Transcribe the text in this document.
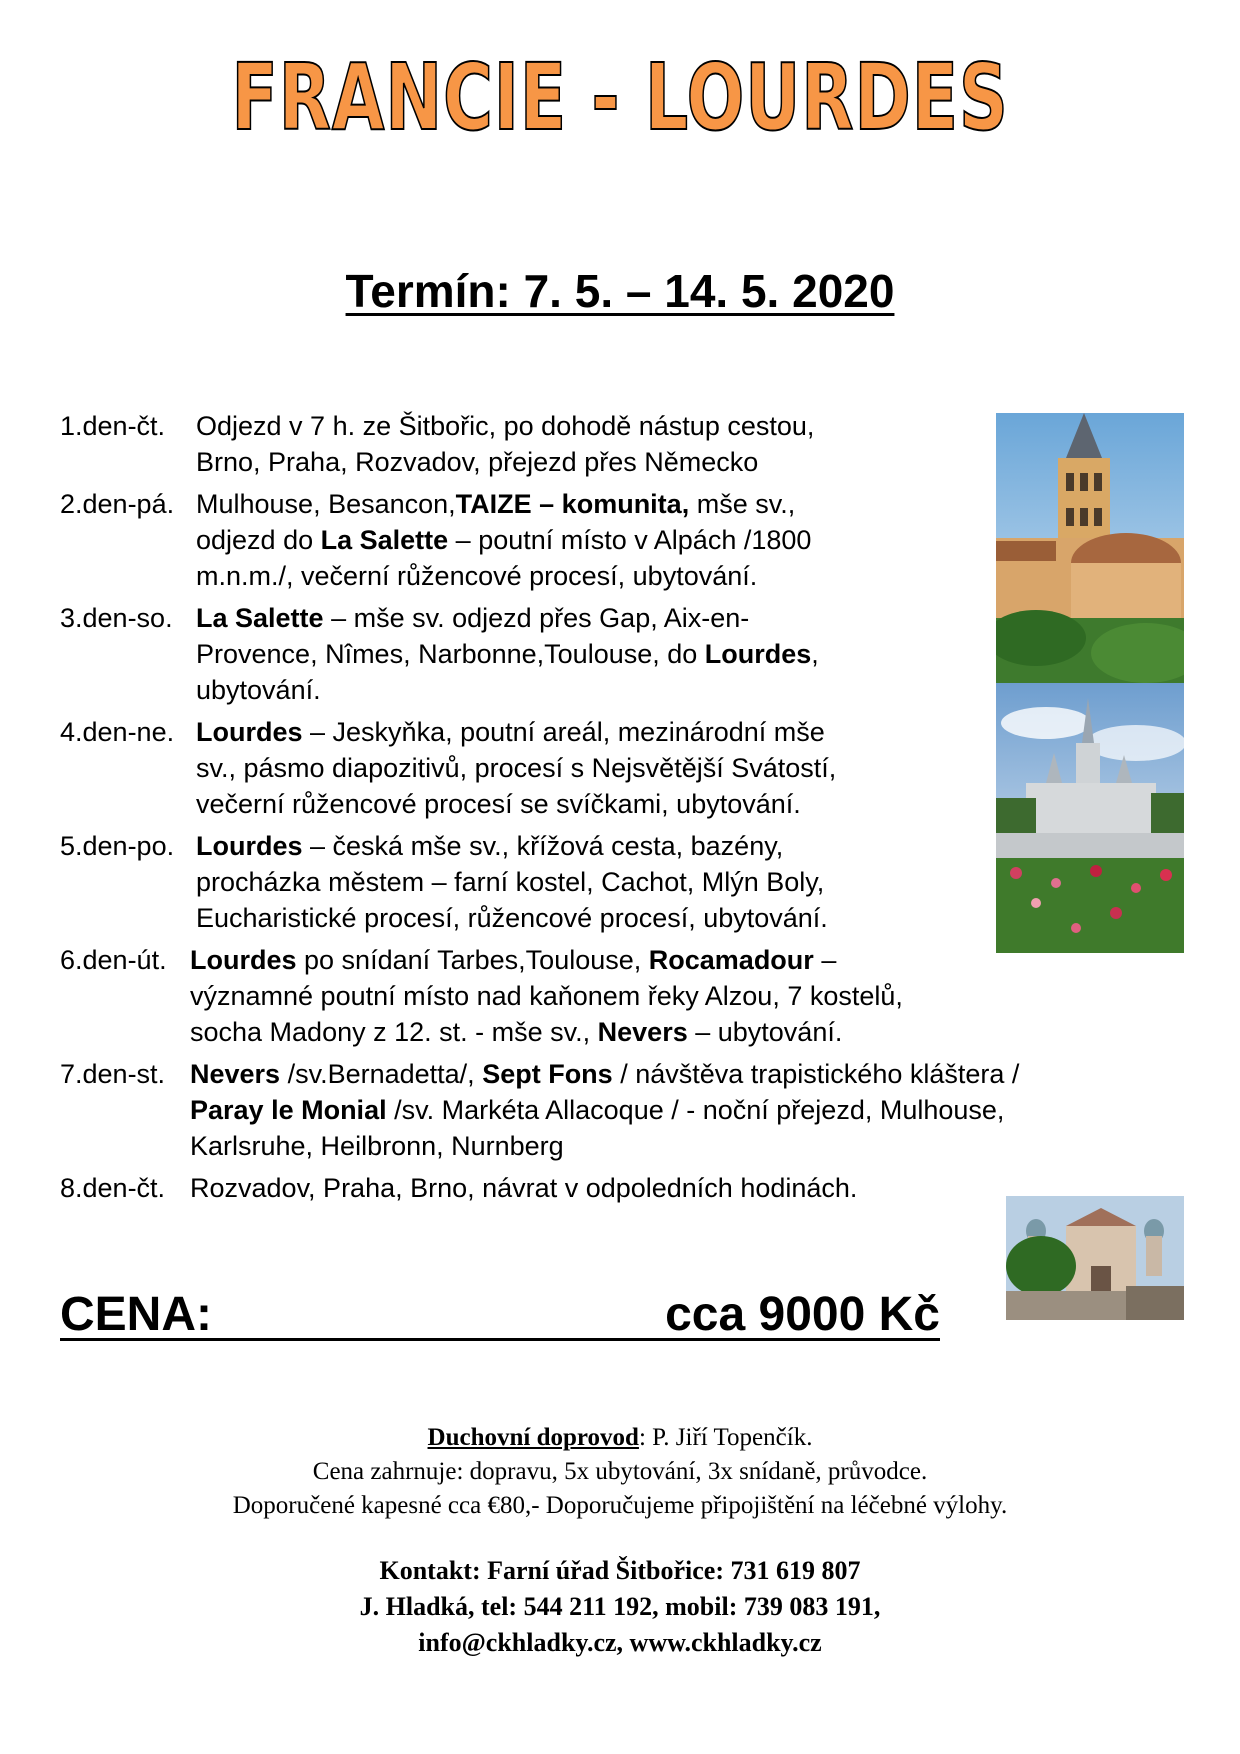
FRANCIE - LOURDES
Termín: 7. 5. – 14. 5. 2020
1.den-čt. Odjezd v 7 h. ze Šitbořic, po dohodě nástup cestou,
Brno, Praha, Rozvadov, přejezd přes Německo
2.den-pá. Mulhouse, Besancon,TAIZE – komunita, mše sv.,
odjezd do La Salette – poutní místo v Alpách /1800
m.n.m./, večerní růžencové procesí, ubytování.
3.den-so. La Salette – mše sv. odjezd přes Gap, Aix-en-
Provence, Nîmes, Narbonne,Toulouse, do Lourdes,
ubytování.
4.den-ne. Lourdes – Jeskyňka, poutní areál, mezinárodní mše
sv., pásmo diapozitivů, procesí s Nejsvětější Svátostí,
večerní růžencové procesí se svíčkami, ubytování.
5.den-po. Lourdes – česká mše sv., křížová cesta, bazény,
procházka městem – farní kostel, Cachot, Mlýn Boly,
Eucharistické procesí, růžencové procesí, ubytování.
6.den-út. Lourdes po snídaní Tarbes,Toulouse, Rocamadour –
významné poutní místo nad kaňonem řeky Alzou, 7 kostelů,
socha Madony z 12. st. - mše sv., Nevers – ubytování.
7.den-st. Nevers /sv.Bernadetta/, Sept Fons / návštěva trapistického kláštera /
Paray le Monial /sv. Markéta Allacoque / - noční přejezd, Mulhouse,
Karlsruhe, Heilbronn, Nurnberg
8.den-čt. Rozvadov, Praha, Brno, návrat v odpoledních hodinách.
CENA:	cca 9000 Kč
Duchovní doprovod: P. Jiří Topenčík.
Cena zahrnuje: dopravu, 5x ubytování, 3x snídaně, průvodce.
Doporučené kapesné cca €80,- Doporučujeme připojištění na léčebné výlohy.
Kontakt: Farní úřad Šitbořice: 731 619 807
J. Hladká, tel: 544 211 192, mobil: 739 083 191,
info@ckhladky.cz, www.ckhladky.cz
